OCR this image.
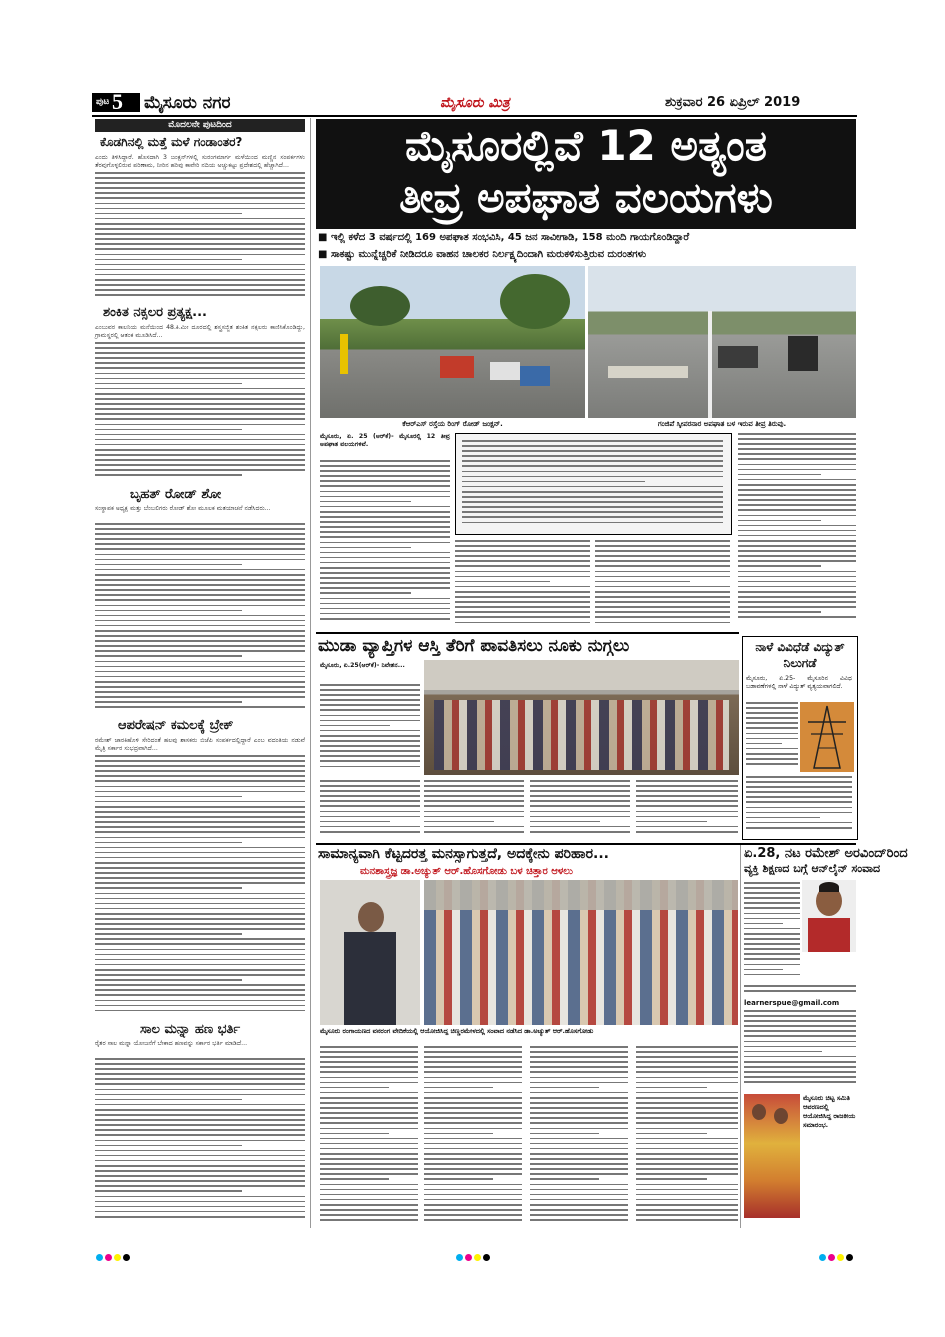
ಪುಟ 5 ಮೈಸೂರು ನಗರ	ಮೈಸೂರು ಮಿತ್ರ	ಶುಕ್ರವಾರ 26 ಏಪ್ರಿಲ್ 2019
ಮೊದಲನೇ ಪುಟದಿಂದ
ಕೊಡಗಿನಲ್ಲಿ ಮತ್ತೆ ಮಳೆ ಗಂಡಾಂತರ?
ಎಂದು ತಿಳಿಸಿದ್ದಾರೆ. ಹೊಸದಾಗಿ 3 ಜಂಕ್ಷನ್‌ಗಳಲ್ಲಿ ಸುರಂಗಮಾರ್ಗ ಮಳೆಯಿಂದ ಮಣ್ಣಿನ ಸಂಪರ್ಕಗಳು ತೆರವುಗೊಳ್ಳಲಿರುವ ಪರಿಣಾಮ, ನೀರಿನ ಹರಿವು ಕಾವೇರಿ ನದಿಯ ಅಚ್ಚುಕಟ್ಟು ಪ್ರದೇಶದಲ್ಲಿ ಹೆಚ್ಚಾಗಿದೆ...
ಶಂಕಿತ ನಕ್ಸಲರ ಪ್ರತ್ಯಕ್ಷ...
ಎಂಬುವರ ಕಾಲನಿಯ ಮನೆಯಿಂದ 48.ಕಿ.ಮೀ ದೂರದಲ್ಲಿ ಶಸ್ತ್ರಸಜ್ಜಿತ ಶಂಕಿತ ನಕ್ಸಲರು ಕಾಣಿಸಿಕೊಂಡಿದ್ದು, ಗ್ರಾಮಸ್ಥರಲ್ಲಿ ಆತಂಕ ಮೂಡಿಸಿದೆ...
ಬೃಹತ್ ರೋಡ್ ಶೋ
ಸಂಸ್ಥಾಪಕ ಅಧ್ಯಕ್ಷ ಮತ್ತು ಬೆಂಬಲಿಗರು ರೋಡ್ ಶೋ ಮೂಲಕ ಮತಯಾಚನೆ ನಡೆಸಿದರು...
ಆಪರೇಷನ್ ಕಮಲಕ್ಕೆ ಬ್ರೇಕ್
ರಮೇಶ್ ಜಾರಕಿಹೊಳಿ ಸೇರಿದಂತೆ ಹಲವು ಶಾಸಕರು ಬಿಜೆಪಿ ಸಂಪರ್ಕದಲ್ಲಿದ್ದಾರೆ ಎಂಬ ವದಂತಿಯ ನಡುವೆ ಮೈತ್ರಿ ಸರ್ಕಾರ ಸುಭದ್ರವಾಗಿದೆ...
ಸಾಲ ಮನ್ನಾ ಹಣ ಭರ್ತಿ
ರೈತರ ಸಾಲ ಮನ್ನಾ ಯೋಜನೆಗೆ ಬೇಕಾದ ಹಣವನ್ನು ಸರ್ಕಾರ ಭರ್ತಿ ಮಾಡಿದೆ...
ಮೈಸೂರಲ್ಲಿವೆ 12 ಅತ್ಯಂತ
ತೀವ್ರ ಅಪಘಾತ ವಲಯಗಳು
■ ಇಲ್ಲಿ ಕಳೆದ 3 ವರ್ಷದಲ್ಲಿ 169 ಅಪಘಾತ ಸಂಭವಿಸಿ, 45 ಜನ ಸಾವೀಗಾಡಿ, 158 ಮಂದಿ ಗಾಯಗೊಂಡಿದ್ದಾರೆ
■ ಸಾಕಷ್ಟು ಮುನ್ನೆಚ್ಚರಿಕೆ ನೀಡಿದರೂ ವಾಹನ ಚಾಲಕರ ನಿರ್ಲಕ್ಷ್ಯದಿಂದಾಗಿ ಮರುಕಳಿಸುತ್ತಿರುವ ದುರಂತಗಳು
ಕೆಆರ್‌ಎಸ್ ರಸ್ತೆಯ ರಿಂಗ್ ರೋಡ್ ಜಂಕ್ಷನ್.	ಗಂಜಿಪೆ ಸ್ಕೀಪರನಾರ ಅಪಘಾತ ಬಳ ಇರುವ ತೀವ್ರ ತಿರುವು.
ಮೈಸೂರು, ಏ. 25 (ಆರ್‌ಕೆ)- ಮೈಸೂರಲ್ಲಿ 12 ತೀವ್ರ ಅಪಘಾತ ವಲಯಗಳಿವೆ.
ಮುಡಾ ವ್ಯಾಪ್ತಿಗಳ ಆಸ್ತಿ ತೆರಿಗೆ ಪಾವತಿಸಲು ನೂಕು ನುಗ್ಗಲು
ಮೈಸೂರು, ಏ.25(ಆರ್‌ಕೆ)- ನಿವೇಶನ...
ನಾಳೆ ವಿವಿಧೆಡೆ ವಿದ್ಯುತ್ ನಿಲುಗಡೆ
ಮೈಸೂರು, ಏ.25- ಮೈಸೂರಿನ ವಿವಿಧ ಬಡಾವಣೆಗಳಲ್ಲಿ ನಾಳೆ ವಿದ್ಯುತ್ ವ್ಯತ್ಯಯವಾಗಲಿದೆ.
ಸಾಮಾನ್ಯವಾಗಿ ಕೆಟ್ಟದರತ್ತ ಮನಸ್ಸಾಗುತ್ತದೆ, ಅದಕ್ಕೇನು ಪರಿಹಾರ...
ಮನಶಾಸ್ತ್ರಜ್ಞ ಡಾ.ಅಚ್ಯುತ್ ಆರ್.ಹೊಸಗೋಡು ಬಳ ಚಿತ್ತಾರ ಆಳಲು
ಮೈಸೂರು ರಂಗಾಯಣದ ವನರಂಗ ವೇದಿಕೆಯಲ್ಲಿ ಆಯೋಜಿಸಿದ್ದ ಚಿಣ್ಣರಮೇಳದಲ್ಲಿ ಸಂವಾದ ನಡೆಸಿದ ಡಾ.ಅಚ್ಯುತ್ ಆರ್.ಹೊಸಗೋಡು
ಏ.28, ನಟ ರಮೇಶ್ ಅರವಿಂದ್‌ರಿಂದ
ವ್ಯಕ್ತಿ ಶಿಕ್ಷಣದ ಬಗ್ಗೆ ಆನ್‌ಲೈನ್ ಸಂವಾದ
learnerspue@gmail.com
ಮೈಸೂರು ಚಿಟ್ಟ ಸಮಿತಿ ಆವರಣದಲ್ಲಿ ಆಯೋಜಿಸಿದ್ದ ರಾಜಕೀಯ ಸಮಾರಂಭ.
